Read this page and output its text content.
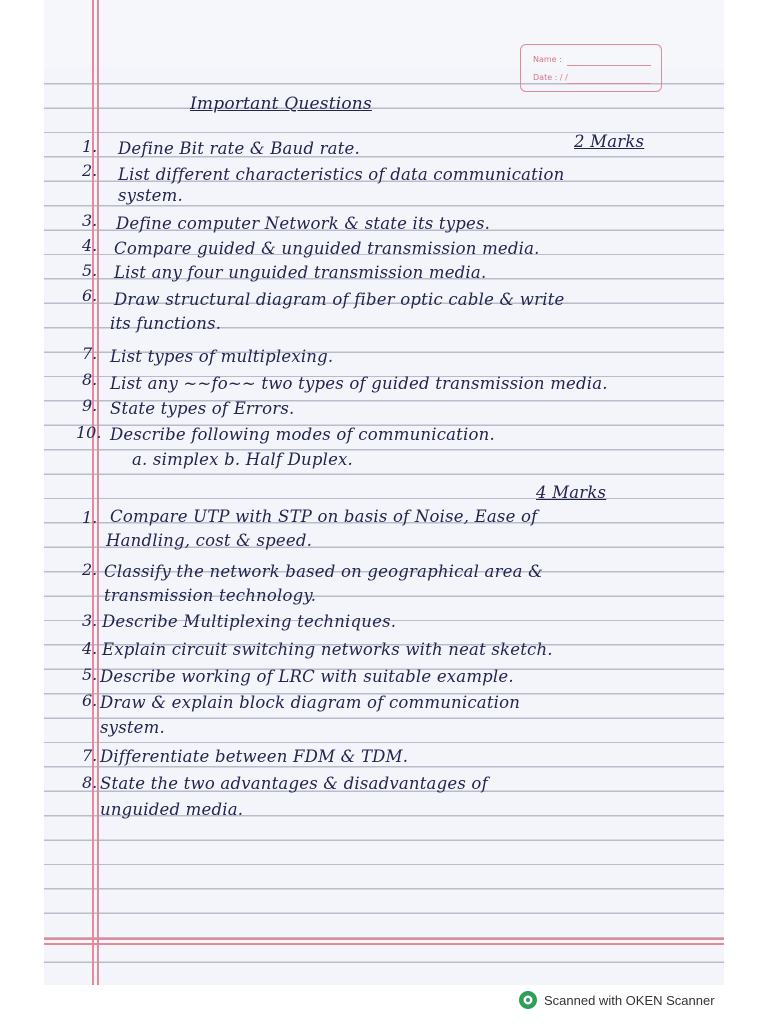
Name :
Date : / /
Important Questions
2 Marks
1. Define Bit rate & Baud rate.
2. List different characteristics of data communication
system.
3. Define computer Network & state its types.
4. Compare guided & unguided transmission media.
5. List any four unguided transmission media.
6. Draw structural diagram of fiber optic cable & write
its functions.
7. List types of multiplexing.
8. List any ~~fo~~ two types of guided transmission media.
9. State types of Errors.
10. Describe following modes of communication.
a. simplex b. Half Duplex.
4 Marks
1. Compare UTP with STP on basis of Noise, Ease of
Handling, cost & speed.
2. Classify the network based on geographical area &
transmission technology.
3. Describe Multiplexing techniques.
4. Explain circuit switching networks with neat sketch.
5. Describe working of LRC with suitable example.
6. Draw & explain block diagram of communication
system.
7. Differentiate between FDM & TDM.
8. State the two advantages & disadvantages of
unguided media.
Scanned with OKEN Scanner
